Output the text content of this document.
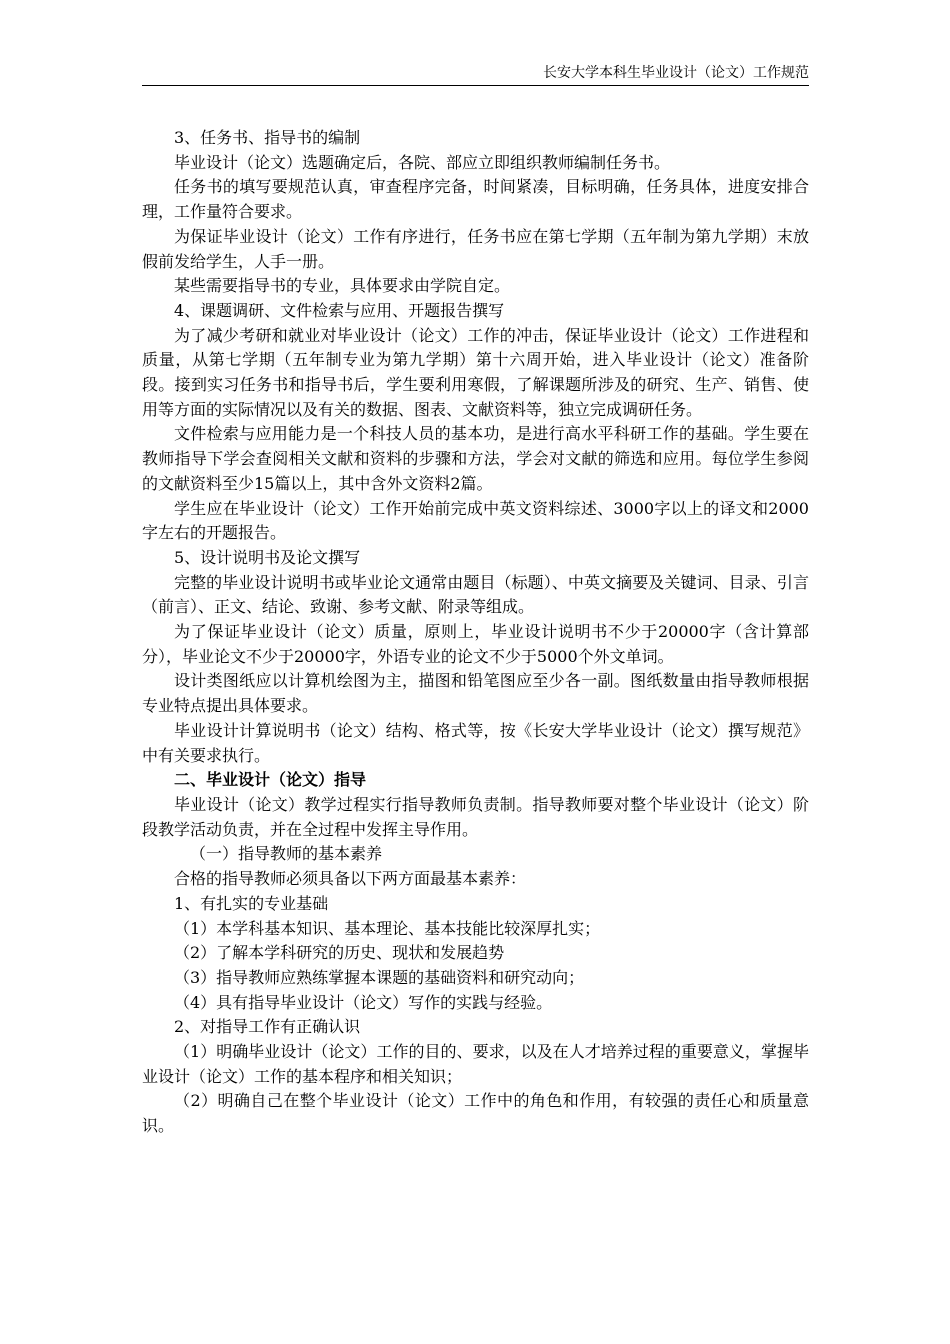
长安大学本科生毕业设计（论文）工作规范

3、任务书、指导书的编制

毕业设计（论文）选题确定后，各院、部应立即组织教师编制任务书。

任务书的填写要规范认真，审查程序完备，时间紧凑，目标明确，任务具体，进度安排合理，工作量符合要求。

为保证毕业设计（论文）工作有序进行，任务书应在第七学期（五年制为第九学期）末放假前发给学生，人手一册。

某些需要指导书的专业，具体要求由学院自定。

4、课题调研、文件检索与应用、开题报告撰写

为了减少考研和就业对毕业设计（论文）工作的冲击，保证毕业设计（论文）工作进程和质量，从第七学期（五年制专业为第九学期）第十六周开始，进入毕业设计（论文）准备阶段。接到实习任务书和指导书后，学生要利用寒假，了解课题所涉及的研究、生产、销售、使用等方面的实际情况以及有关的数据、图表、文献资料等，独立完成调研任务。

文件检索与应用能力是一个科技人员的基本功，是进行高水平科研工作的基础。学生要在教师指导下学会查阅相关文献和资料的步骤和方法，学会对文献的筛选和应用。每位学生参阅的文献资料至少15篇以上，其中含外文资料2篇。

学生应在毕业设计（论文）工作开始前完成中英文资料综述、3000字以上的译文和2000字左右的开题报告。

5、设计说明书及论文撰写

完整的毕业设计说明书或毕业论文通常由题目（标题）、中英文摘要及关键词、目录、引言（前言）、正文、结论、致谢、参考文献、附录等组成。

为了保证毕业设计（论文）质量，原则上，毕业设计说明书不少于20000字（含计算部分），毕业论文不少于20000字，外语专业的论文不少于5000个外文单词。

设计类图纸应以计算机绘图为主，描图和铅笔图应至少各一副。图纸数量由指导教师根据专业特点提出具体要求。

毕业设计计算说明书（论文）结构、格式等，按《长安大学毕业设计（论文）撰写规范》中有关要求执行。

二、毕业设计（论文）指导

毕业设计（论文）教学过程实行指导教师负责制。指导教师要对整个毕业设计（论文）阶段教学活动负责，并在全过程中发挥主导作用。

（一）指导教师的基本素养

合格的指导教师必须具备以下两方面最基本素养：

1、有扎实的专业基础

（1）本学科基本知识、基本理论、基本技能比较深厚扎实；

（2）了解本学科研究的历史、现状和发展趋势

（3）指导教师应熟练掌握本课题的基础资料和研究动向；

（4）具有指导毕业设计（论文）写作的实践与经验。

2、对指导工作有正确认识

（1）明确毕业设计（论文）工作的目的、要求，以及在人才培养过程的重要意义，掌握毕业设计（论文）工作的基本程序和相关知识；

（2）明确自己在整个毕业设计（论文）工作中的角色和作用，有较强的责任心和质量意识。
